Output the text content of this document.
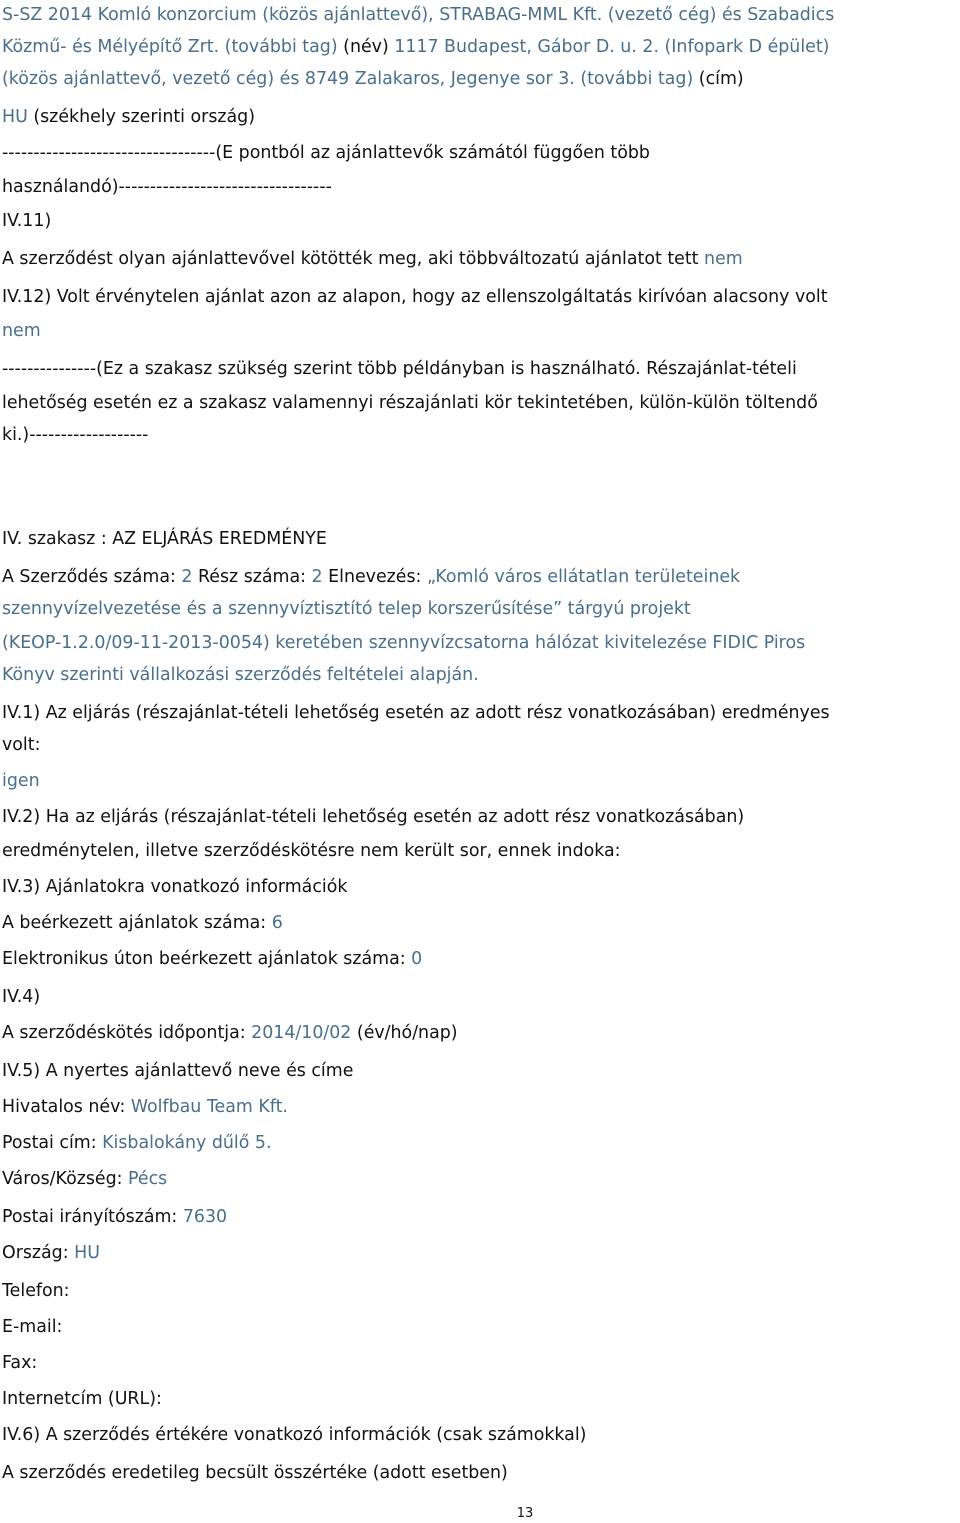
S-SZ 2014 Komló konzorcium (közös ajánlattevő), STRABAG-MML Kft. (vezető cég) és Szabadics
Közmű- és Mélyépítő Zrt. (további tag) (név) 1117 Budapest, Gábor D. u. 2. (Infopark D épület)
(közös ajánlattevő, vezető cég) és 8749 Zalakaros, Jegenye sor 3. (további tag) (cím)
HU (székhely szerinti ország)
----------------------------------(E pontból az ajánlattevők számától függően több
használandó)----------------------------------
IV.11)
A szerződést olyan ajánlattevővel kötötték meg, aki többváltozatú ajánlatot tett nem
IV.12) Volt érvénytelen ajánlat azon az alapon, hogy az ellenszolgáltatás kirívóan alacsony volt
nem
---------------(Ez a szakasz szükség szerint több példányban is használható. Részajánlat-tételi
lehetőség esetén ez a szakasz valamennyi részajánlati kör tekintetében, külön-külön töltendő
ki.)-------------------
IV. szakasz : AZ ELJÁRÁS EREDMÉNYE
A Szerződés száma: 2 Rész száma: 2 Elnevezés: „Komló város ellátatlan területeinek
szennyvízelvezetése és a szennyvíztisztító telep korszerűsítése” tárgyú projekt
(KEOP-1.2.0/09-11-2013-0054) keretében szennyvízcsatorna hálózat kivitelezése FIDIC Piros
Könyv szerinti vállalkozási szerződés feltételei alapján.
IV.1) Az eljárás (részajánlat-tételi lehetőség esetén az adott rész vonatkozásában) eredményes
volt:
igen
IV.2) Ha az eljárás (részajánlat-tételi lehetőség esetén az adott rész vonatkozásában)
eredménytelen, illetve szerződéskötésre nem került sor, ennek indoka:
IV.3) Ajánlatokra vonatkozó információk
A beérkezett ajánlatok száma: 6
Elektronikus úton beérkezett ajánlatok száma: 0
IV.4)
A szerződéskötés időpontja: 2014/10/02 (év/hó/nap)
IV.5) A nyertes ajánlattevő neve és címe
Hivatalos név: Wolfbau Team Kft.
Postai cím: Kisbalokány dűlő 5.
Város/Község: Pécs
Postai irányítószám: 7630
Ország: HU
Telefon:
E-mail:
Fax:
Internetcím (URL):
IV.6) A szerződés értékére vonatkozó információk (csak számokkal)
A szerződés eredetileg becsült összértéke (adott esetben)
13
